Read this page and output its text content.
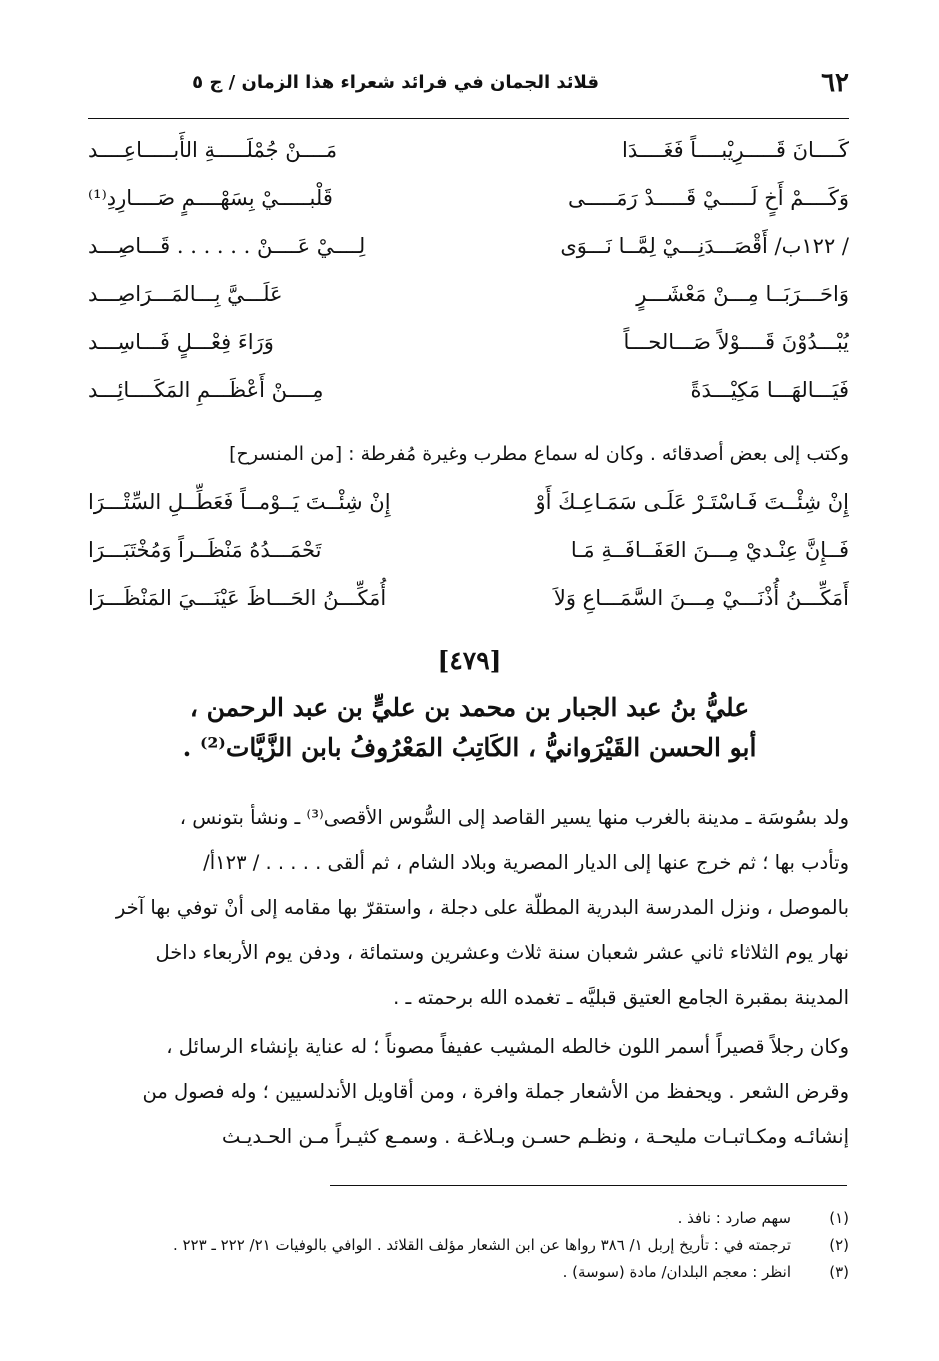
٦٢
قلائد الجمان في فرائد شعراء هذا الزمان / ج ٥
كَــــانَ قَـــــرِيْبــــاً فَغَــــدَا
مَــــنْ جُمْلَـــــةِ الأَبـــــاعِــــد
وَكَــــمْ أَخٍ لَـــــيْ قَـــــدْ رَمَـــــى
قَلْبـــــيْ بِسَهْــــمٍ صَــــارِدِ⁽¹⁾
/ ١٢٢ب/ أَقْصَـــدَنِـــيْ لِمَّــا نَـــوَى
لِــــيْ عَــــنْ . . . . . . قَـــاصِـــد
وَاحَـــرَبَــا مِـــنْ مَعْشَـــرٍ
عَلَـــيَّ بِـــالمَـــرَاصِـــد
يُبْـــدُوْنَ قَــــوْلاً صَـــالحـــاً
وَرَاءَ فِعْـــلٍ فَـــاسِـــد
فَيَـــالهَـــا مَكِيْـــدَةً
مِــــنْ أَعْظَـــمِ المَكَــــائِـــد
وكتب إلى بعض أصدقائه . وكان له سماع مطرب وغيرة مُفرطة : [من المنسرح]
إِنْ شِئْــتَ فَـاسْتَـرْ عَلَـى سَمَـاعِـكَ أَوْ
إِنْ شِئْــتَ يَــوْمــاً فَعَطِّــلِ السِّتْـــرَا
فَــإِنَّ عِنْـديْ مِـــنَ العَفَــافَــةِ مَـا
تَحْمَـــدُهُ مَنْظَــراً وَمُخْتَبَـــرَا
أَمَكِّـــنُ أُذْنَـــيْ مِـــنَ السَّمَـــاعِ وَلاَ
أُمَكِّـــنُ الحَـــاظَ عَيْنَـــيَ المَنْظَـــرَا
[٤٧٩]
عليُّ بنُ عبد الجبار بن محمد بن عليٍّ بن عبد الرحمن ،
أبو الحسن القَيْرَوانيُّ ، الكَاتِبُ المَعْرُوفُ بابن الزَّيَّات⁽²⁾ .
ولد بسُوسَة ـ مدينة بالغرب منها يسير القاصد إلى السُّوس الأقصى⁽³⁾ ـ ونشأ بتونس ،
وتأدب بها ؛ ثم خرج عنها إلى الديار المصرية وبلاد الشام ، ثم ألقى . . . . . / ١٢٣أ/
بالموصل ، ونزل المدرسة البدرية المطلّة على دجلة ، واستقرّ بها مقامه إلى أنْ توفي بها آخر
نهار يوم الثلاثاء ثاني عشر شعبان سنة ثلاث وعشرين وستمائة ، ودفن يوم الأربعاء داخل
المدينة بمقبرة الجامع العتيق قبليَّه ـ تغمده الله برحمته ـ .
وكان رجلاً قصيراً أسمر اللون خالطه المشيب عفيفاً مصوناً ؛ له عناية بإنشاء الرسائل ،
وقرض الشعر . ويحفظ من الأشعار جملة وافرة ، ومن أقاويل الأندلسيين ؛ وله فصول من
إنشائـه ومكـاتبـات مليحـة ، ونظـم حسـن وبـلاغـة . وسمـع كثيـراً مـن الحـديـث
(١)
سهم صارد : نافذ .
(٢)
ترجمته في : تأريخ إربل ١/ ٣٨٦ رواها عن ابن الشعار مؤلف القلائد . الوافي بالوفيات ٢١/ ٢٢٢ ـ ٢٢٣ .
(٣)
انظر : معجم البلدان/ مادة (سوسة) .
